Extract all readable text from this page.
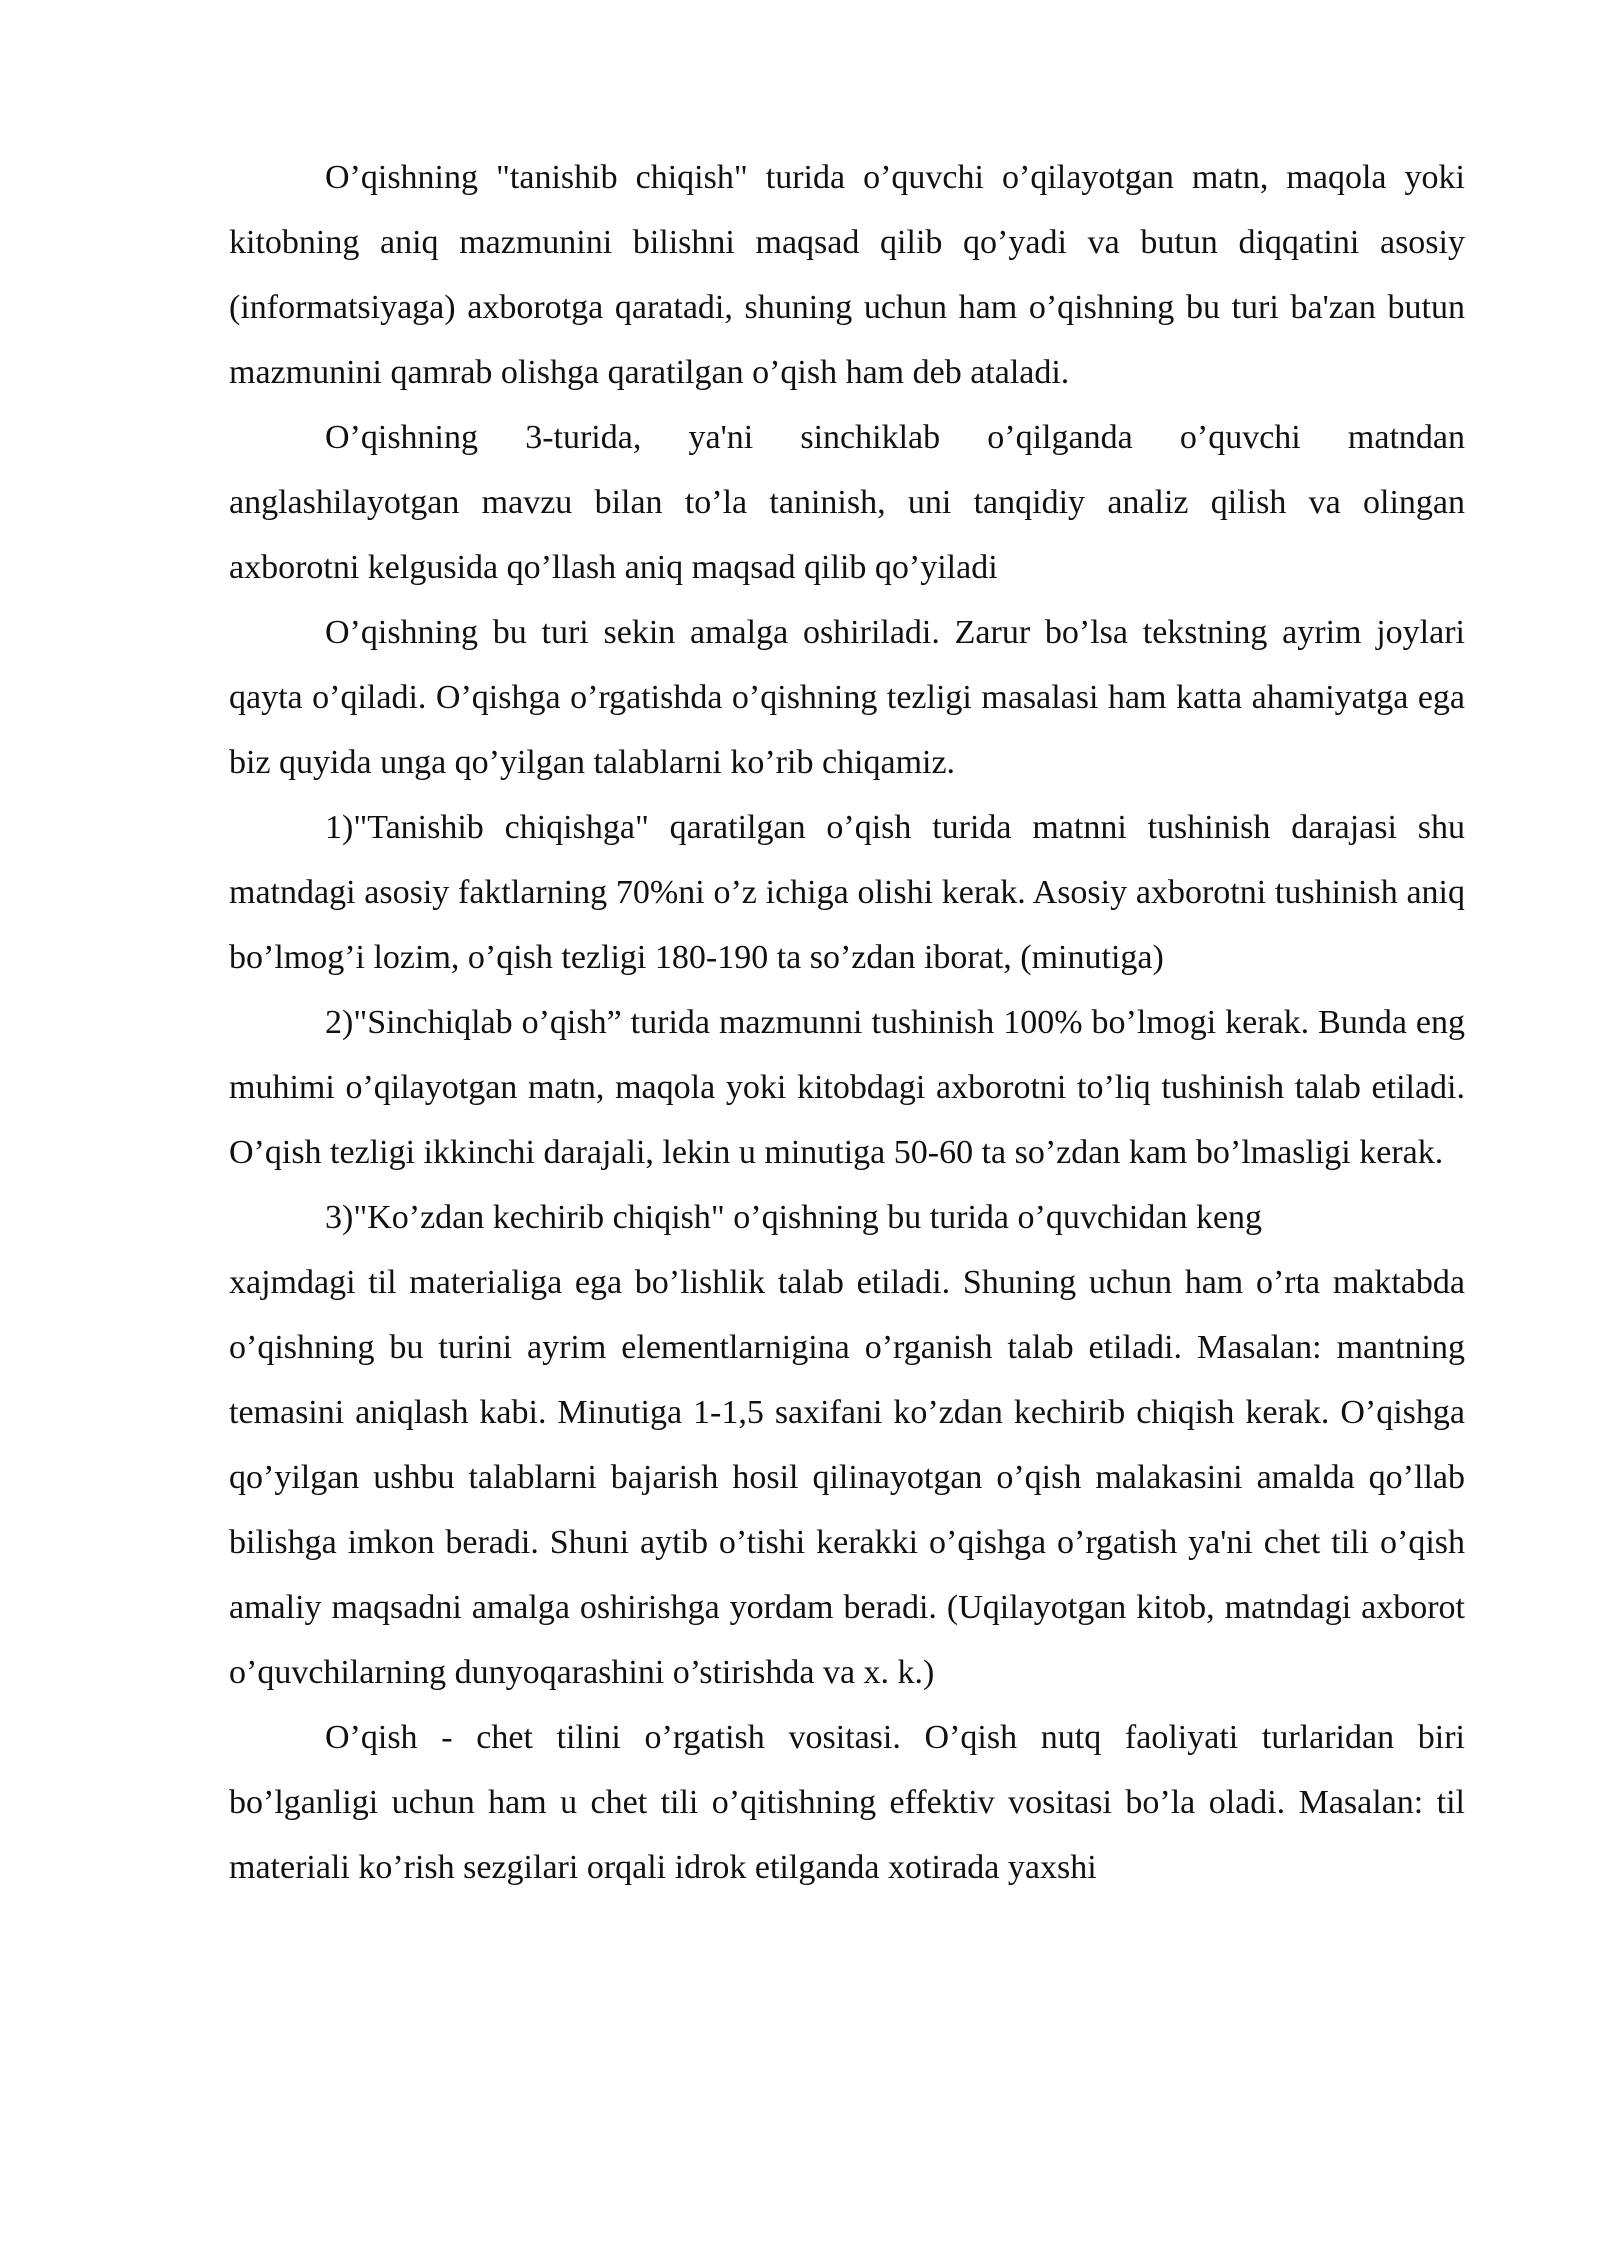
O’qishning "tanishib chiqish" turida o’quvchi o’qilayotgan matn, maqola yoki kitobning aniq mazmunini bilishni maqsad qilib qo’yadi va butun diqqatini asosiy (informatsiyaga) axborotga qaratadi, shuning uchun ham o’qishning bu turi ba'zan butun mazmunini qamrab olishga qaratilgan o’qish ham deb ataladi.

O’qishning 3-turida, ya'ni sinchiklab o’qilganda o’quvchi matndan anglashilayotgan mavzu bilan to’la taninish, uni tanqidiy analiz qilish va olingan axborotni kelgusida qo’llash aniq maqsad qilib qo’yiladi

O’qishning bu turi sekin amalga oshiriladi. Zarur bo’lsa tekstning ayrim joylari qayta o’qiladi. O’qishga o’rgatishda o’qishning tezligi masalasi ham katta ahamiyatga ega biz quyida unga qo’yilgan talablarni ko’rib chiqamiz.

1)"Tanishib chiqishga" qaratilgan o’qish turida matnni tushinish darajasi shu matndagi asosiy faktlarning 70%ni o’z ichiga olishi kerak. Asosiy axborotni tushinish aniq bo’lmog’i lozim, o’qish tezligi 180-190 ta so’zdan iborat, (minutiga)

2)"Sinchiqlab o’qish” turida mazmunni tushinish 100% bo’lmogi kerak. Bunda eng muhimi o’qilayotgan matn, maqola yoki kitobdagi axborotni to’liq tushinish talab etiladi. O’qish tezligi ikkinchi darajali, lekin u minutiga 50-60 ta so’zdan kam bo’lmasligi kerak.

3)"Ko’zdan kechirib chiqish" o’qishning bu turida o’quvchidan keng

xajmdagi til materialiga ega bo’lishlik talab etiladi. Shuning uchun ham o’rta maktabda o’qishning bu turini ayrim elementlarnigina o’rganish talab etiladi. Masalan: mantning temasini aniqlash kabi. Minutiga 1-1,5 saxifani ko’zdan kechirib chiqish kerak. O’qishga qo’yilgan ushbu talablarni bajarish hosil qilinayotgan o’qish malakasini amalda qo’llab bilishga imkon beradi. Shuni aytib o’tishi kerakki o’qishga o’rgatish ya'ni chet tili o’qish amaliy maqsadni amalga oshirishga yordam beradi. (Uqilayotgan kitob, matndagi axborot o’quvchilarning dunyoqarashini o’stirishda va x. k.)

O’qish - chet tilini o’rgatish vositasi. O’qish nutq faoliyati turlaridan biri bo’lganligi uchun ham u chet tili o’qitishning effektiv vositasi bo’la oladi. Masalan: til materiali ko’rish sezgilari orqali idrok etilganda xotirada yaxshi
